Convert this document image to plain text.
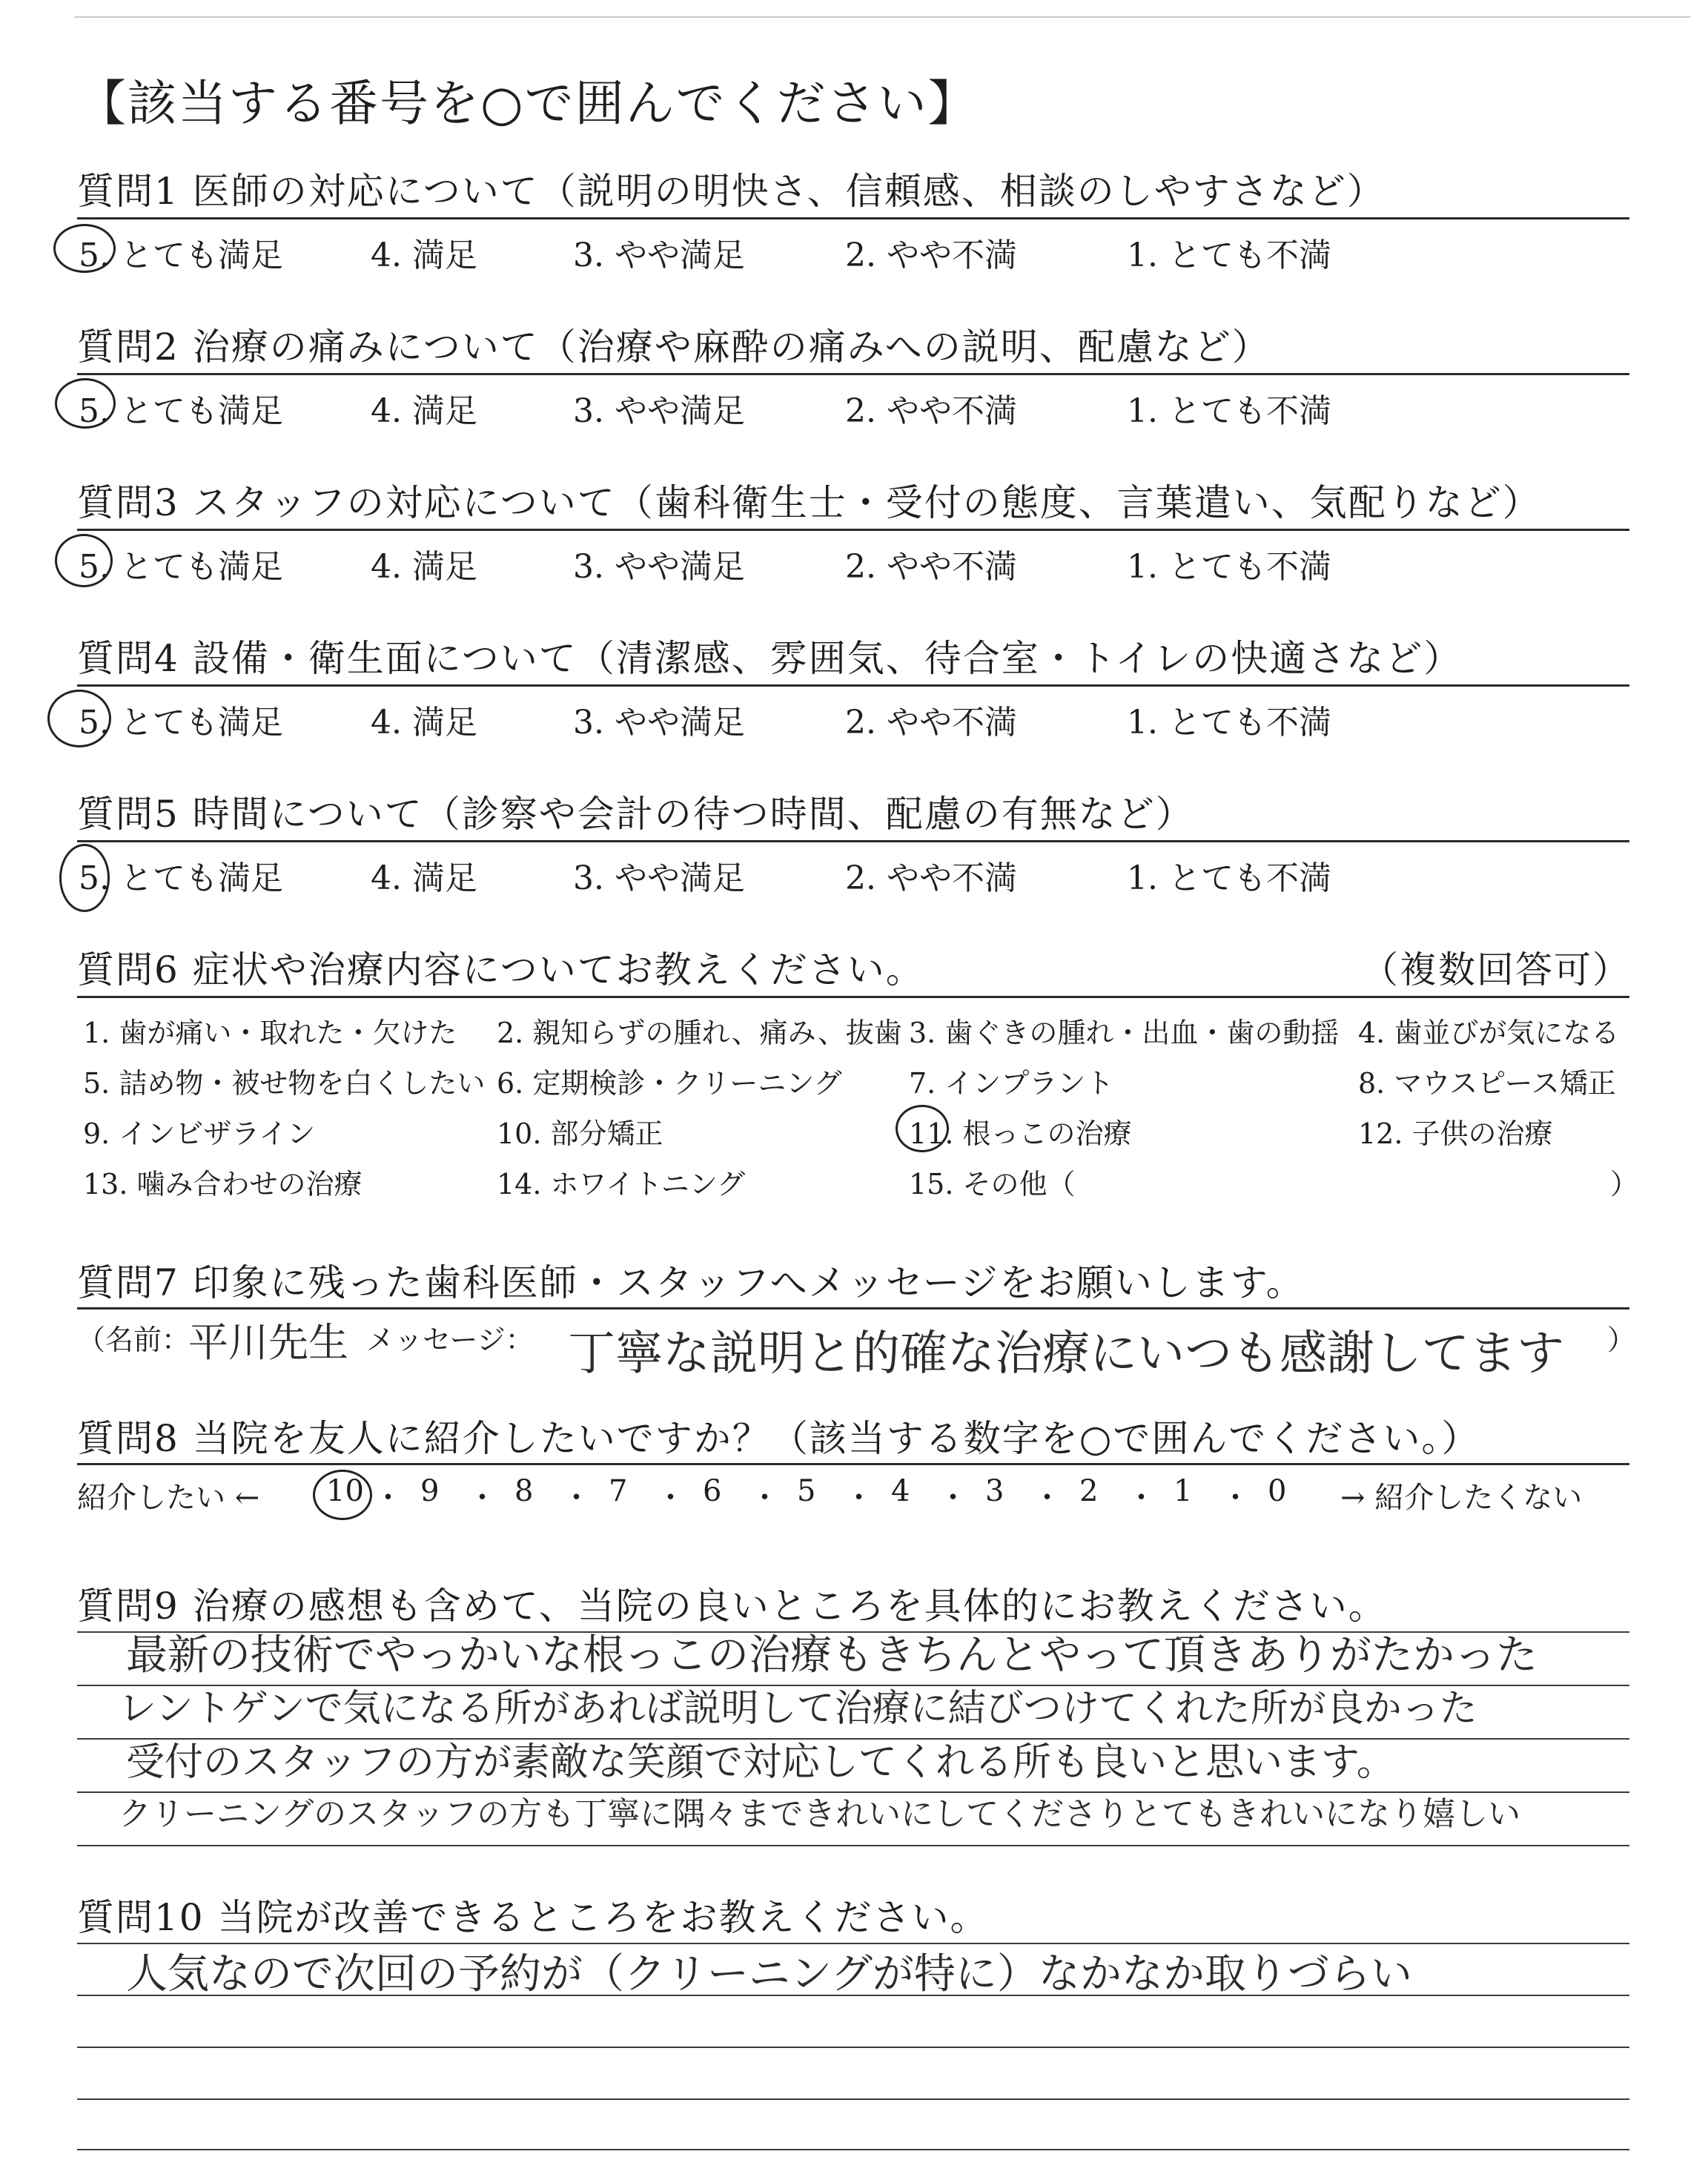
【該当する番号を○で囲んでください】
質問1 医師の対応について（説明の明快さ、信頼感、相談のしやすさなど）
5. とても満足	4. 満足	3. やや満足	2. やや不満	1. とても不満
質問2 治療の痛みについて（治療や麻酔の痛みへの説明、配慮など）
5. とても満足	4. 満足	3. やや満足	2. やや不満	1. とても不満
質問3 スタッフの対応について（歯科衛生士・受付の態度、言葉遣い、気配りなど）
5. とても満足	4. 満足	3. やや満足	2. やや不満	1. とても不満
質問4 設備・衛生面について（清潔感、雰囲気、待合室・トイレの快適さなど）
5. とても満足	4. 満足	3. やや満足	2. やや不満	1. とても不満
質問5 時間について（診察や会計の待つ時間、配慮の有無など）
5. とても満足	4. 満足	3. やや満足	2. やや不満	1. とても不満
質問6 症状や治療内容についてお教えください。	（複数回答可）
1. 歯が痛い・取れた・欠けた 2. 親知らずの腫れ、痛み、抜歯 3. 歯ぐきの腫れ・出血・歯の動揺 4. 歯並びが気になる
5. 詰め物・被せ物を白くしたい 6. 定期検診・クリーニング 7. インプラント	8. マウスピース矯正
9. インビザライン	10. 部分矯正	11. 根っこの治療	12. 子供の治療
13. 噛み合わせの治療	14. ホワイトニング	15. その他（	）
質問7 印象に残った歯科医師・スタッフへメッセージをお願いします。
（名前：
平川先生 メッセージ： 丁寧な説明と的確な治療にいつも感謝してます ）
質問8 当院を友人に紹介したいですか？（該当する数字を○で囲んでください。）
紹介したい ←	→ 紹介したくない
10 ・ 9 ・ 8 ・ 7 ・ 6 ・ 5 ・ 4 ・ 3 ・ 2 ・ 1 ・ 0
質問9 治療の感想も含めて、当院の良いところを具体的にお教えください。
最新の技術でやっかいな根っこの治療もきちんとやって頂きありがたかった
レントゲンで気になる所があれば説明して治療に結びつけてくれた所が良かった
受付のスタッフの方が素敵な笑顔で対応してくれる所も良いと思います。
クリーニングのスタッフの方も丁寧に隅々まできれいにしてくださりとてもきれいになり嬉しい
質問10 当院が改善できるところをお教えください。
人気なので次回の予約が（クリーニングが特に）なかなか取りづらい
